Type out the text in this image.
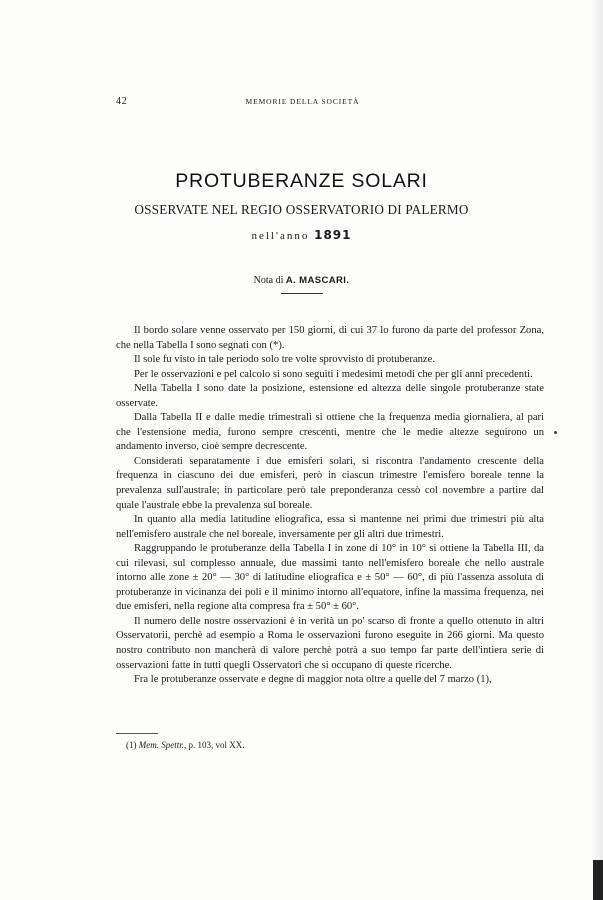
42	MEMORIE DELLA SOCIETÀ
PROTUBERANZE SOLARI
OSSERVATE NEL REGIO OSSERVATORIO DI PALERMO
nell'anno 1891
Nota di A. MASCARI.

Il bordo solare venne osservato per 150 giorni, di cui 37 lo furono da parte del professor Zona, che nella Tabella I sono segnati con (*).

Il sole fu visto in tale periodo solo tre volte sprovvisto di protuberanze.

Per le osservazioni e pel calcolo si sono seguiti i medesimi metodi che per gli anni precedenti.

Nella Tabella I sono date la posizione, estensione ed altezza delle singole protuberanze state osservate.

Dalla Tabella II e dalle medie trimestrali si ottiene che la frequenza media giornaliera, al pari che l'estensione media, furono sempre crescenti, mentre che le medie altezze seguirono un andamento inverso, cioè sempre decrescente.

Considerati separatamente i due emisferi solari, si riscontra l'andamento crescente della frequenza in ciascuno dei due emisferi, però in ciascun trimestre l'emisfero boreale tenne la prevalenza sull'australe; in particolare però tale preponderanza cessò col novembre a partire dal quale l'australe ebbe la prevalenza sul boreale.

In quanto alla media latitudine eliografica, essa si mantenne nei primi due trimestri più alta nell'emisfero australe che nel boreale, inversamente per gli altri due trimestri.

Raggruppando le protuberanze della Tabella I in zone di 10° in 10° si ottiene la Tabella III, da cui rilevasi, sul complesso annuale, due massimi tanto nell'emisfero boreale che nello australe intorno alle zone ± 20° — 30° di latitudine eliografica e ± 50° — 60°, di più l'assenza assoluta di protuberanze in vicinanza dei poli e il minimo intorno all'equatore, infine la massima frequenza, nei due emisferi, nella regione alta compresa fra ± 50° ± 60°.

Il numero delle nostre osservazioni è in verità un po' scarso di fronte a quello ottenuto in altri Osservatorii, perchè ad esempio a Roma le osservazioni furono eseguite in 266 giorni. Ma questo nostro contributo non mancherà di valore perchè potrà a suo tempo far parte dell'intiera serie di osservazioni fatte in tutti quegli Osservatori che si occupano di queste ricerche.

Fra le protuberanze osservate e degne di maggior nota oltre a quelle del 7 marzo (1),

(1) Mem. Spettr., p. 103, vol XX.
